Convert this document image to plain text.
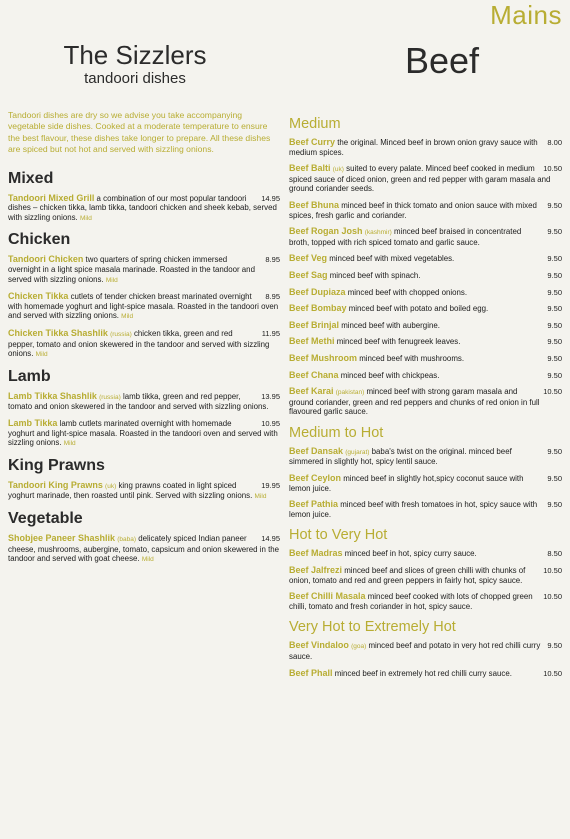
Mains
Beef
The Sizzlers
tandoori dishes
Tandoori dishes are dry so we advise you take accompanying vegetable side dishes. Cooked at a moderate temperature to ensure the best flavour, these dishes take longer to prepare. All these dishes are spiced but not hot and served with sizzling onions.
Mixed
14.95
Tandoori Mixed Grill a combination of our most popular tandoori dishes – chicken tikka, lamb tikka, tandoori chicken and sheek kebab, served with sizzling onions. Mild
Chicken
8.95
Tandoori Chicken two quarters of spring chicken immersed overnight in a light spice masala marinade. Roasted in the tandoor and served with sizzling onions. Mild
8.95
Chicken Tikka cutlets of tender chicken breast marinated overnight with homemade yoghurt and light-spice masala. Roasted in the tandoori oven and served with sizzling onions. Mild
11.95
Chicken Tikka Shashlik (russia) chicken tikka, green and red pepper, tomato and onion skewered in the tandoor and served with sizzling onions. Mild
Lamb
13.95
Lamb Tikka Shashlik (russia) lamb tikka, green and red pepper, tomato and onion skewered in the tandoor and served with sizzling onions.
10.95
Lamb Tikka lamb cutlets marinated overnight with homemade yoghurt and light-spice masala. Roasted in the tandoori oven and served with sizzling onions. Mild
King Prawns
19.95
Tandoori King Prawns (uk) king prawns coated in light spiced yoghurt marinade, then roasted until pink. Served with sizzling onions. Mild
Vegetable
14.95
Shobjee Paneer Shashlik (baba) delicately spiced Indian paneer cheese, mushrooms, aubergine, tomato, capsicum and onion skewered in the tandoor and served with goat cheese. Mild
Medium
8.00
Beef Curry the original. Minced beef in brown onion gravy sauce with medium spices.
10.50
Beef Balti (uk) suited to every palate. Minced beef cooked in medium spiced sauce of diced onion, green and red pepper with garam masala and ground coriander seeds.
9.50
Beef Bhuna minced beef in thick tomato and onion sauce with mixed spices, fresh garlic and coriander.
9.50
Beef Rogan Josh (kashmir) minced beef braised in concentrated broth, topped with rich spiced tomato and garlic sauce.
9.50
Beef Veg minced beef with mixed vegetables.
9.50
Beef Sag minced beef with spinach.
9.50
Beef Dupiaza minced beef with chopped onions.
9.50
Beef Bombay minced beef with potato and boiled egg.
9.50
Beef Brinjal minced beef with aubergine.
9.50
Beef Methi minced beef with fenugreek leaves.
9.50
Beef Mushroom minced beef with mushrooms.
9.50
Beef Chana minced beef with chickpeas.
10.50
Beef Karai (pakistan) minced beef with strong garam masala and ground coriander, green and red peppers and chunks of red onion in full flavoured garlic sauce.
Medium to Hot
9.50
Beef Dansak (gujarat) baba's twist on the original. minced beef simmered in slightly hot, spicy lentil sauce.
9.50
Beef Ceylon minced beef in slightly hot,spicy coconut sauce with lemon juice.
9.50
Beef Pathia minced beef with fresh tomatoes in hot, spicy sauce with lemon juice.
Hot to Very Hot
8.50
Beef Madras minced beef in hot, spicy curry sauce.
10.50
Beef Jalfrezi minced beef and slices of green chilli with chunks of onion, tomato and red and green peppers in fairly hot, spicy sauce.
10.50
Beef Chilli Masala minced beef cooked with lots of chopped green chilli, tomato and fresh coriander in hot, spicy sauce.
Very Hot to Extremely Hot
9.50
Beef Vindaloo (goa) minced beef and potato in very hot red chilli curry sauce.
10.50
Beef Phall minced beef in extremely hot red chilli curry sauce.
